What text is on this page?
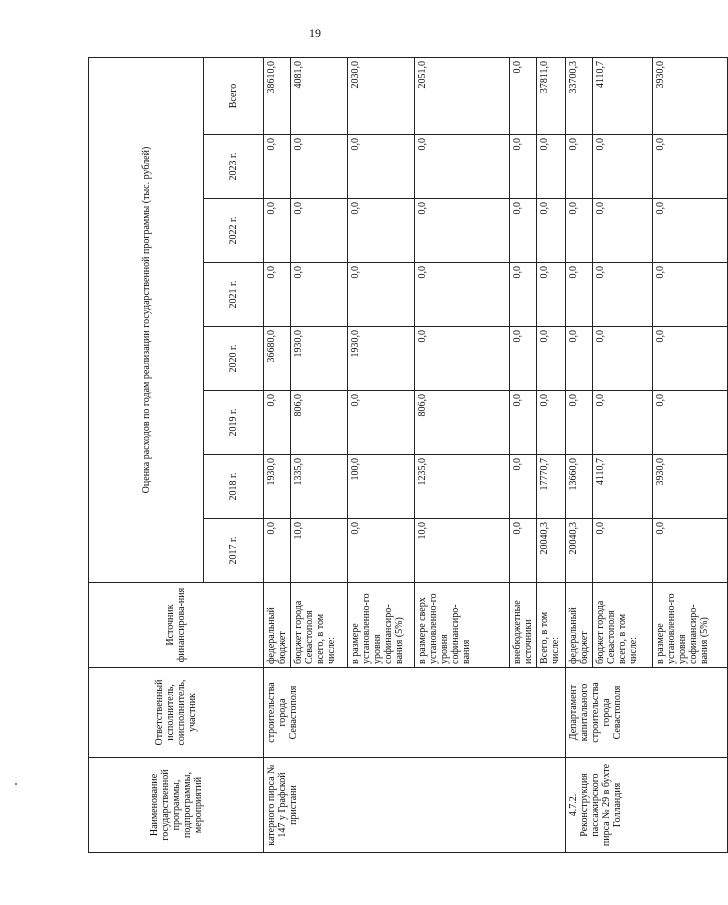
19
Наименование государственной программы, подпрограммы, мероприятий	Ответственный исполнитель, соисполнитель, участник	Источник финансирова-ния	Оценка расходов по годам реализации государственной программы (тыс. рублей)							
			2017 г.	2018 г.	2019 г.	2020 г.	2021 г.	2022 г.	2023 г.	Всего
катерного пирса № 147 у Графской пристани	строительства города Севастополя	федеральный бюджет	0,0	1930,0	0,0	36680,0	0,0	0,0	0,0	38610,0
		бюджет города Севастополя всего, в том числе:	10,0	1335,0	806,0	1930,0	0,0	0,0	0,0	4081,0
		в размере установленно-го уровня софинансиро-вания (5%)	0,0	100,0	0,0	1930,0	0,0	0,0	0,0	2030,0
		в размере сверх установленно-го уровня софинансиро-вания	10,0	1235,0	806,0	0,0	0,0	0,0	0,0	2051,0
		внебюджетные источники	0,0	0,0	0,0	0,0	0,0	0,0	0,0	0,0
		Всего, в том числе:	20040,3	17770,7	0,0	0,0	0,0	0,0	0,0	37811,0
4.7.2. Реконструкция пассажирского пирса № 29 в бухте Голландия	Департамент капитального строительства города Севастополя	федеральный бюджет	20040,3	13660,0	0,0	0,0	0,0	0,0	0,0	33700,3
		бюджет города Севастополя всего, в том числе:	0,0	4110,7	0,0	0,0	0,0	0,0	0,0	4110,7
		в размере установленно-го уровня софинансиро-вания (5%)	0,0	3930,0	0,0	0,0	0,0	0,0	0,0	3930,0
